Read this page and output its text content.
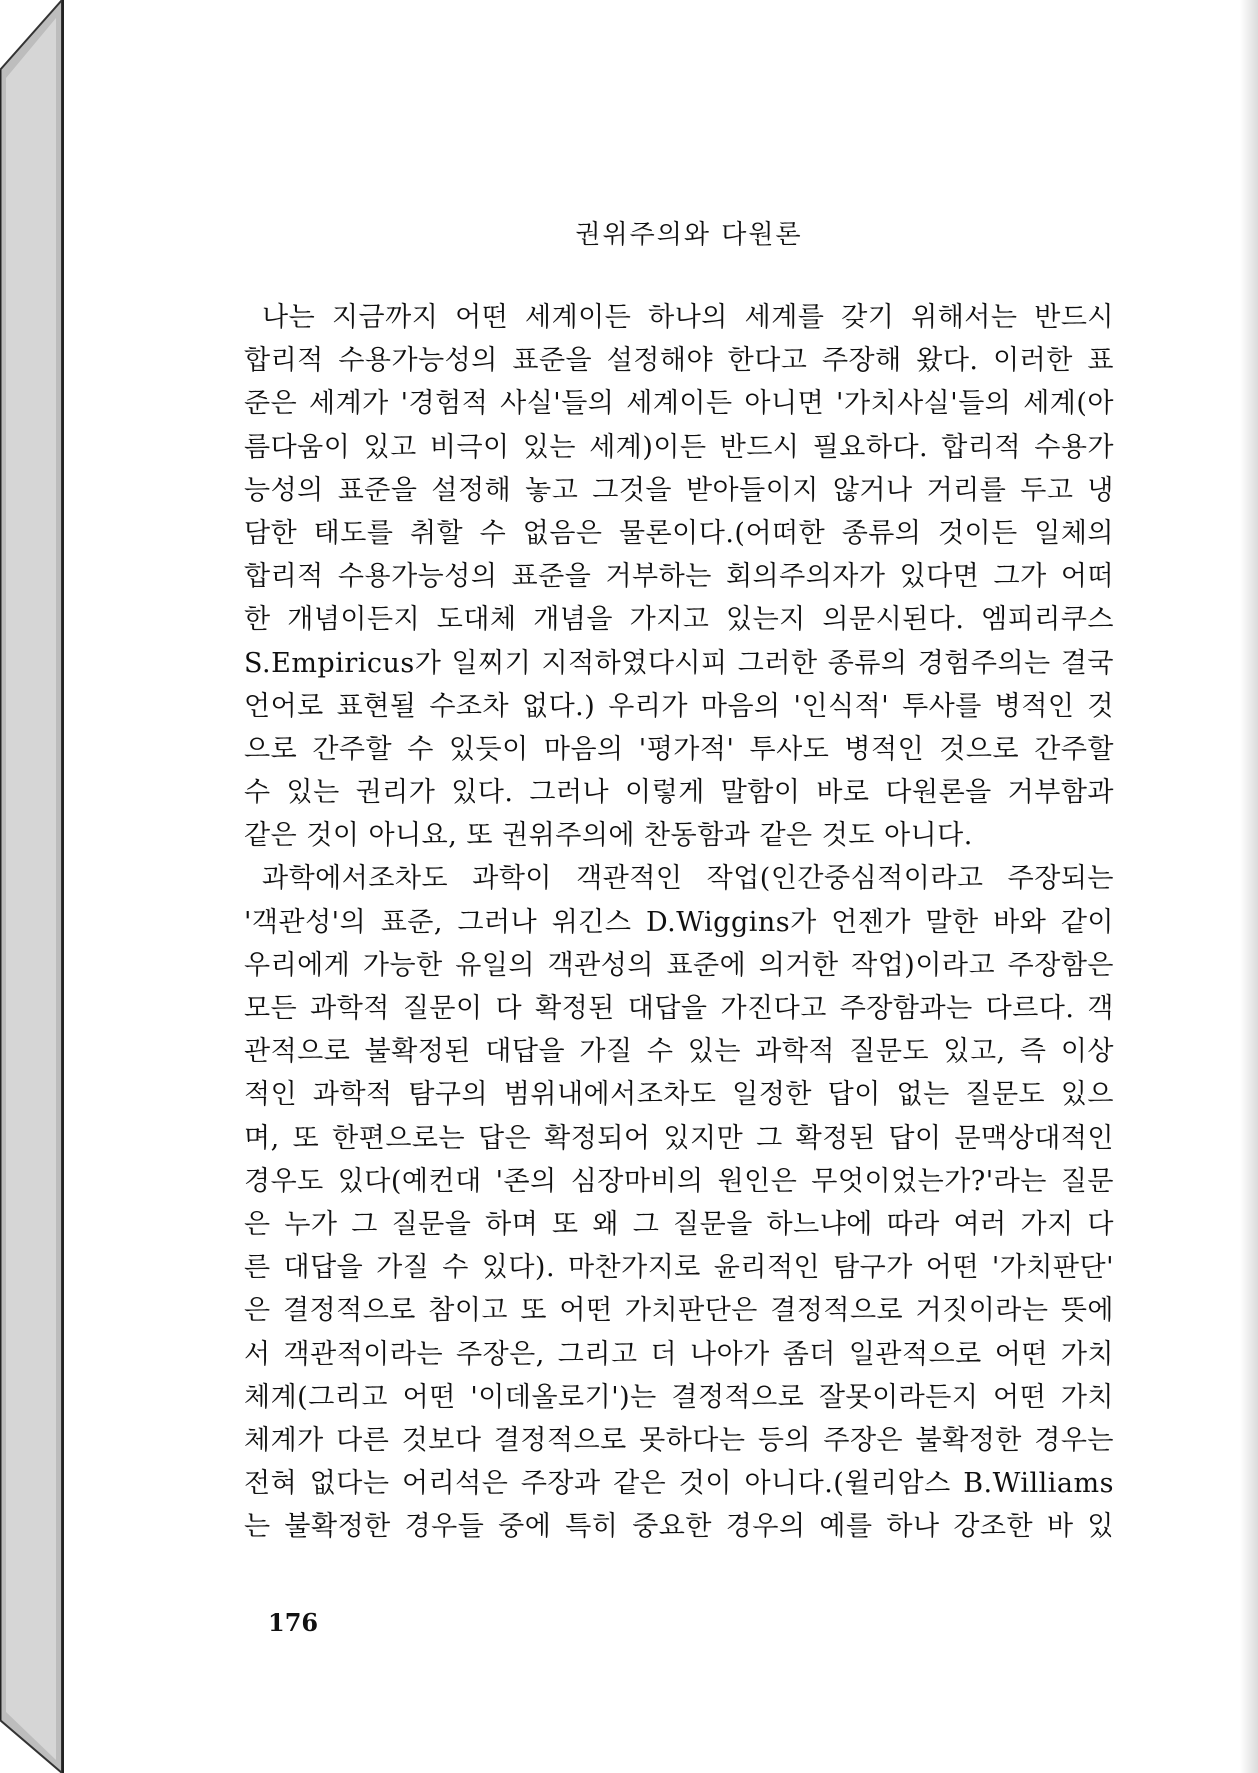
권위주의와 다원론
나는 지금까지 어떤 세계이든 하나의 세계를 갖기 위해서는 반드시
합리적 수용가능성의 표준을 설정해야 한다고 주장해 왔다. 이러한 표
준은 세계가 '경험적 사실'들의 세계이든 아니면 '가치사실'들의 세계(아
름다움이 있고 비극이 있는 세계)이든 반드시 필요하다. 합리적 수용가
능성의 표준을 설정해 놓고 그것을 받아들이지 않거나 거리를 두고 냉
담한 태도를 취할 수 없음은 물론이다.(어떠한 종류의 것이든 일체의
합리적 수용가능성의 표준을 거부하는 회의주의자가 있다면 그가 어떠
한 개념이든지 도대체 개념을 가지고 있는지 의문시된다. 엠피리쿠스
S.Empiricus가 일찌기 지적하였다시피 그러한 종류의 경험주의는 결국
언어로 표현될 수조차 없다.) 우리가 마음의 '인식적' 투사를 병적인 것
으로 간주할 수 있듯이 마음의 '평가적' 투사도 병적인 것으로 간주할
수 있는 권리가 있다. 그러나 이렇게 말함이 바로 다원론을 거부함과
같은 것이 아니요, 또 권위주의에 찬동함과 같은 것도 아니다.
과학에서조차도 과학이 객관적인 작업(인간중심적이라고 주장되는
'객관성'의 표준, 그러나 위긴스 D.Wiggins가 언젠가 말한 바와 같이
우리에게 가능한 유일의 객관성의 표준에 의거한 작업)이라고 주장함은
모든 과학적 질문이 다 확정된 대답을 가진다고 주장함과는 다르다. 객
관적으로 불확정된 대답을 가질 수 있는 과학적 질문도 있고, 즉 이상
적인 과학적 탐구의 범위내에서조차도 일정한 답이 없는 질문도 있으
며, 또 한편으로는 답은 확정되어 있지만 그 확정된 답이 문맥상대적인
경우도 있다(예컨대 '존의 심장마비의 원인은 무엇이었는가?'라는 질문
은 누가 그 질문을 하며 또 왜 그 질문을 하느냐에 따라 여러 가지 다
른 대답을 가질 수 있다). 마찬가지로 윤리적인 탐구가 어떤 '가치판단'
은 결정적으로 참이고 또 어떤 가치판단은 결정적으로 거짓이라는 뜻에
서 객관적이라는 주장은, 그리고 더 나아가 좀더 일관적으로 어떤 가치
체계(그리고 어떤 '이데올로기')는 결정적으로 잘못이라든지 어떤 가치
체계가 다른 것보다 결정적으로 못하다는 등의 주장은 불확정한 경우는
전혀 없다는 어리석은 주장과 같은 것이 아니다.(윌리암스 B.Williams
는 불확정한 경우들 중에 특히 중요한 경우의 예를 하나 강조한 바 있
176
